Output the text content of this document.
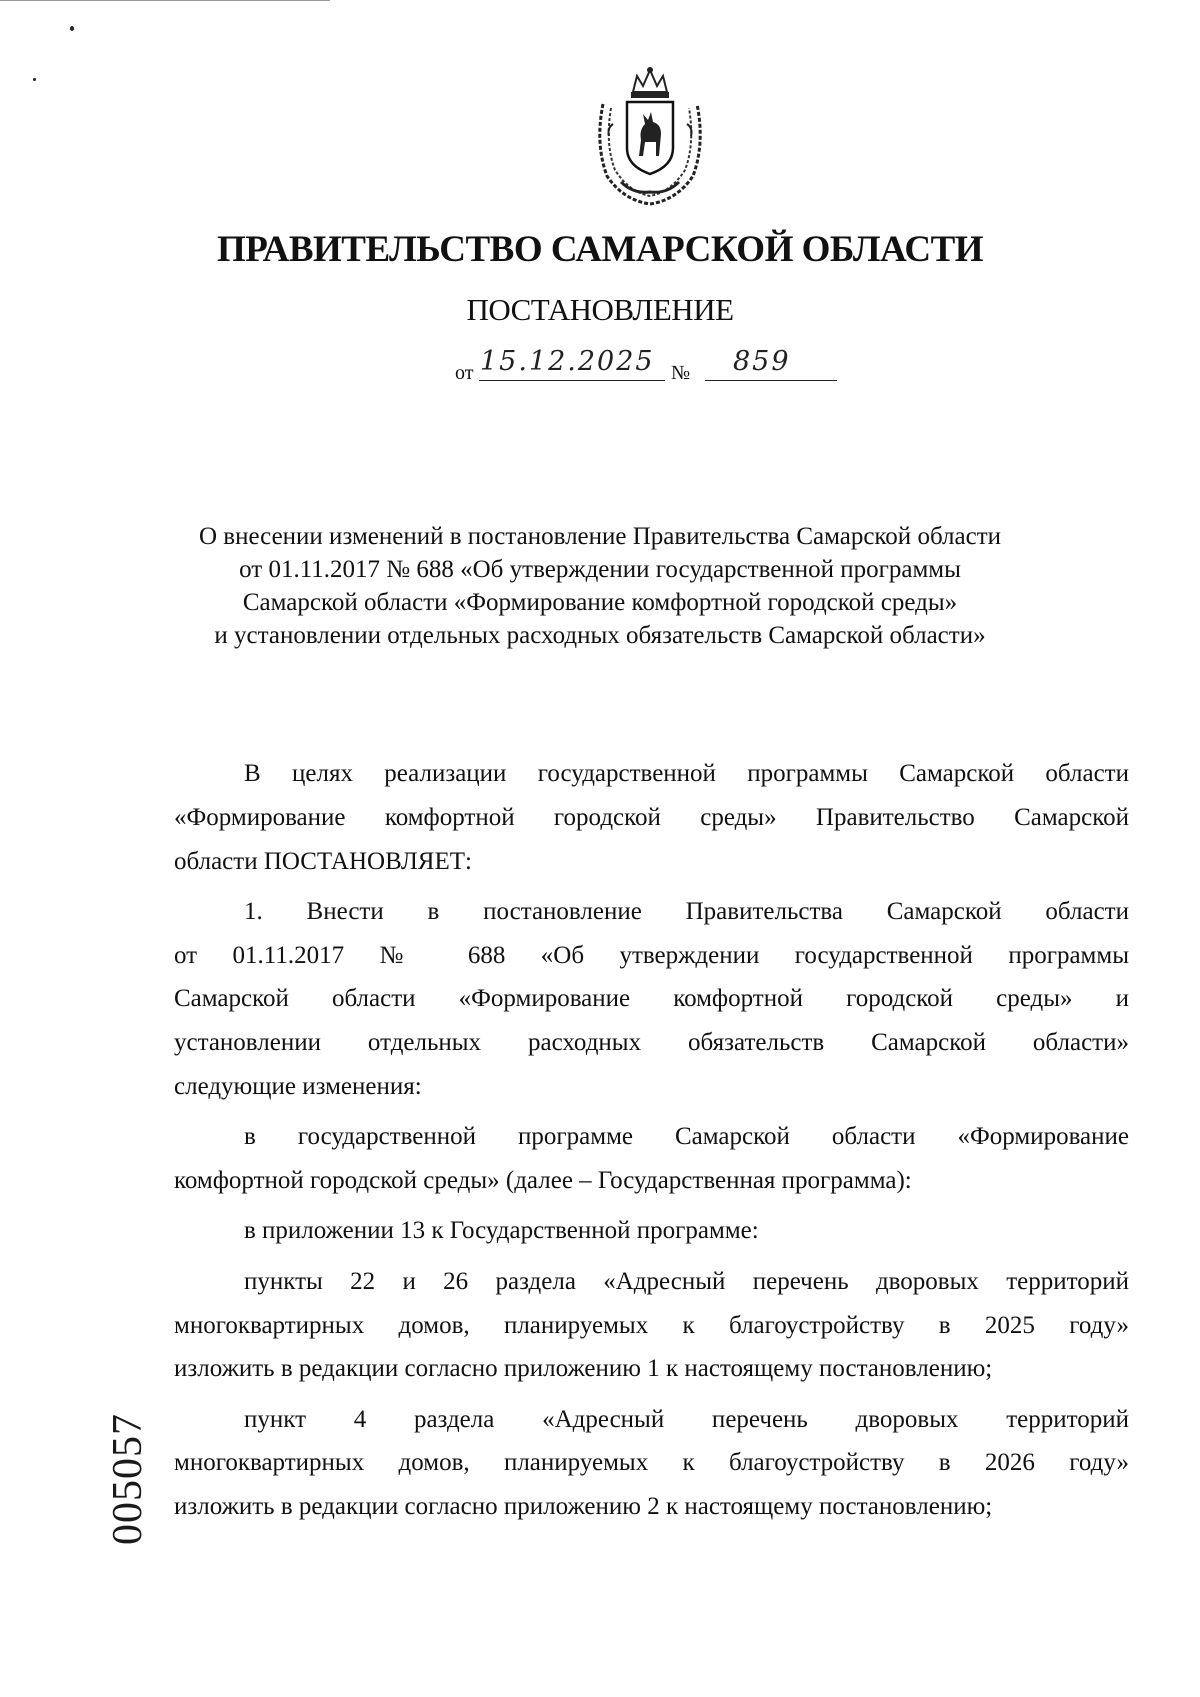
ПРАВИТЕЛЬСТВО САМАРСКОЙ ОБЛАСТИ
ПОСТАНОВЛЕНИЕ
от 15.12.2025 № 859
О внесении изменений в постановление Правительства Самарской области
от 01.11.2017 № 688 «Об утверждении государственной программы
Самарской области «Формирование комфортной городской среды»
и установлении отдельных расходных обязательств Самарской области»
В целях реализации государственной программы Самарской области
«Формирование комфортной городской среды» Правительство Самарской
области ПОСТАНОВЛЯЕТ:
1. Внести в постановление Правительства Самарской области
от 01.11.2017 № 688 «Об утверждении государственной программы
Самарской области «Формирование комфортной городской среды» и
установлении отдельных расходных обязательств Самарской области»
следующие изменения:
в государственной программе Самарской области «Формирование
комфортной городской среды» (далее – Государственная программа):
в приложении 13 к Государственной программе:
пункты 22 и 26 раздела «Адресный перечень дворовых территорий
многоквартирных домов, планируемых к благоустройству в 2025 году»
изложить в редакции согласно приложению 1 к настоящему постановлению;
пункт 4 раздела «Адресный перечень дворовых территорий
многоквартирных домов, планируемых к благоустройству в 2026 году»
изложить в редакции согласно приложению 2 к настоящему постановлению;
005057
